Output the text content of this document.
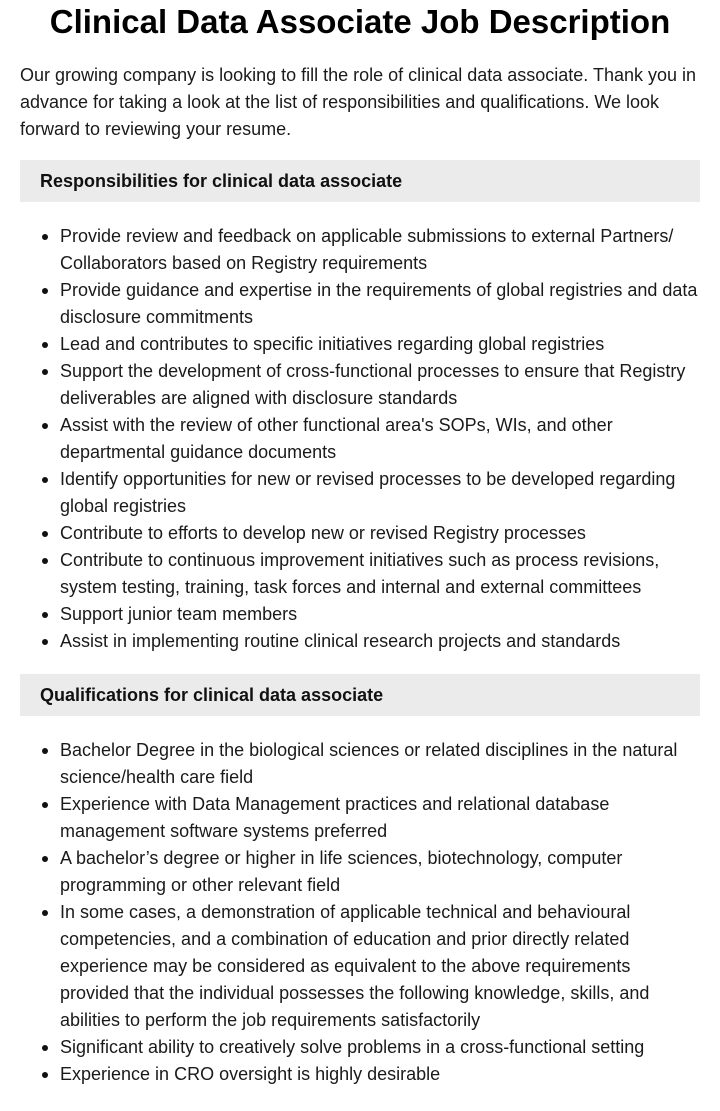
Clinical Data Associate Job Description

Our growing company is looking to fill the role of clinical data associate. Thank you in advance for taking a look at the list of responsibilities and qualifications. We look forward to reviewing your resume.

Responsibilities for clinical data associate
Provide review and feedback on applicable submissions to external Partners/ Collaborators based on Registry requirements
Provide guidance and expertise in the requirements of global registries and data disclosure commitments
Lead and contributes to specific initiatives regarding global registries
Support the development of cross-functional processes to ensure that Registry deliverables are aligned with disclosure standards
Assist with the review of other functional area's SOPs, WIs, and other departmental guidance documents
Identify opportunities for new or revised processes to be developed regarding global registries
Contribute to efforts to develop new or revised Registry processes
Contribute to continuous improvement initiatives such as process revisions, system testing, training, task forces and internal and external committees
Support junior team members
Assist in implementing routine clinical research projects and standards
Qualifications for clinical data associate
Bachelor Degree in the biological sciences or related disciplines in the natural science/health care field
Experience with Data Management practices and relational database management software systems preferred
A bachelor’s degree or higher in life sciences, biotechnology, computer programming or other relevant field
In some cases, a demonstration of applicable technical and behavioural competencies, and a combination of education and prior directly related experience may be considered as equivalent to the above requirements provided that the individual possesses the following knowledge, skills, and abilities to perform the job requirements satisfactorily
Significant ability to creatively solve problems in a cross-functional setting
Experience in CRO oversight is highly desirable
